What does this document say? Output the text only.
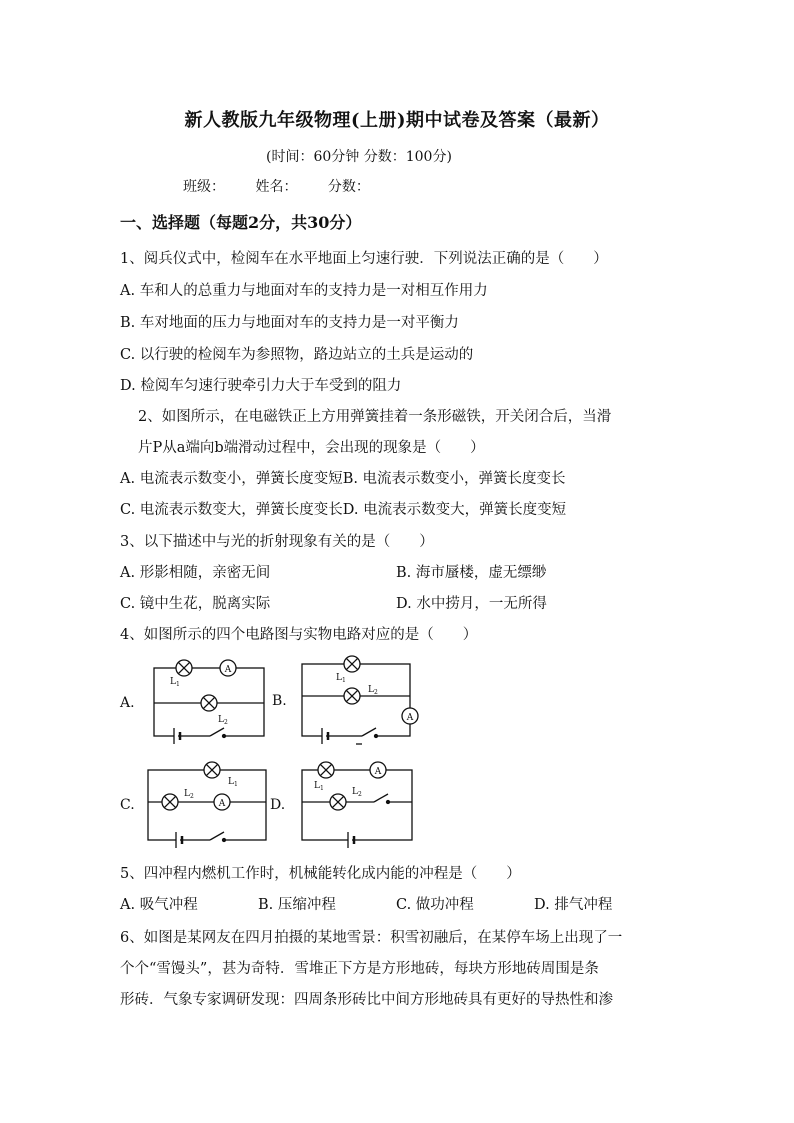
新人教版九年级物理(上册)期中试卷及答案（最新）
(时间：60分钟 分数：100分)
班级： 姓名： 分数：
一、选择题（每题2分，共30分）
1、阅兵仪式中，检阅车在水平地面上匀速行驶．下列说法正确的是（　　）
A. 车和人的总重力与地面对车的支持力是一对相互作用力
B. 车对地面的压力与地面对车的支持力是一对平衡力
C. 以行驶的检阅车为参照物，路边站立的土兵是运动的
D. 检阅车匀速行驶牵引力大于车受到的阻力
2、如图所示，在电磁铁正上方用弹簧挂着一条形磁铁，开关闭合后，当滑
片P从a端向b端滑动过程中，会出现的现象是（　　）
A. 电流表示数变小，弹簧长度变短B. 电流表示数变小，弹簧长度变长
C. 电流表示数变大，弹簧长度变长D. 电流表示数变大，弹簧长度变短
3、以下描述中与光的折射现象有关的是（　　）
A. 形影相随，亲密无间	B. 海市蜃楼，虚无缥缈
C. 镜中生花，脱离实际	D. 水中捞月，一无所得
4、如图所示的四个电路图与实物电路对应的是（　　）
A.
A
L 1
L 2
B.
A
L 1
L 2
C.	A
L 1
L 2
D.
A
L 1	L 2
5、四冲程内燃机工作时，机械能转化成内能的冲程是（　　）
A. 吸气冲程	B. 压缩冲程	C. 做功冲程	D. 排气冲程
6、如图是某网友在四月拍摄的某地雪景：积雪初融后，在某停车场上出现了一
个个“雪馒头”，甚为奇特．雪堆正下方是方形地砖，每块方形地砖周围是条
形砖．气象专家调研发现：四周条形砖比中间方形地砖具有更好的导热性和渗
